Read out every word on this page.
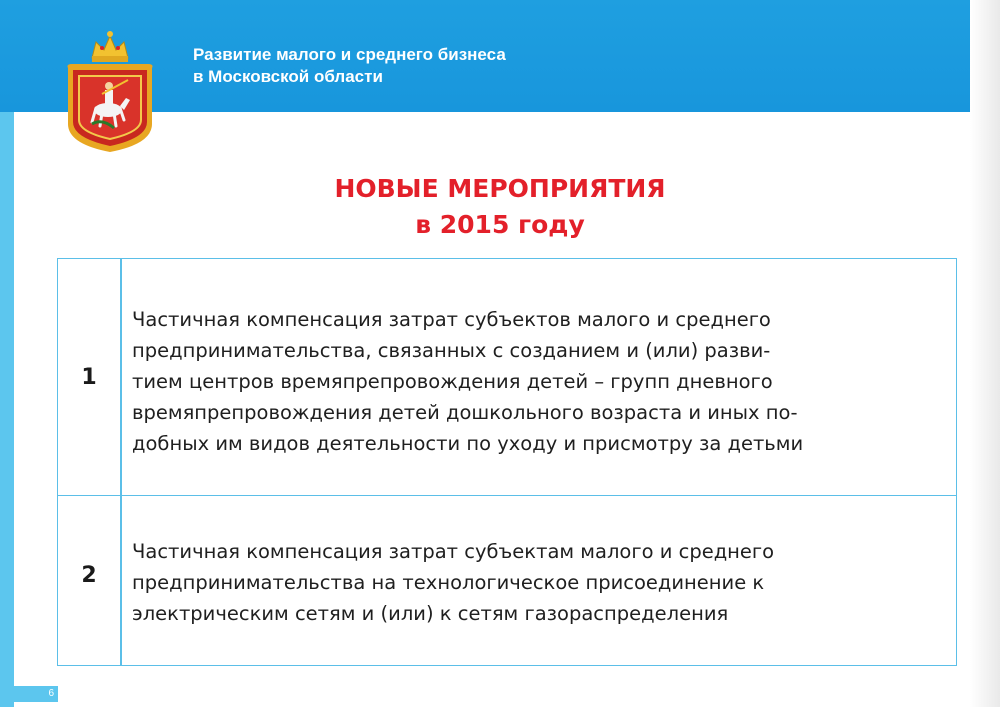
Развитие малого и среднего бизнеса
в Московской области
НОВЫЕ МЕРОПРИЯТИЯ
в 2015 году
1
Частичная компенсация затрат субъектов малого и среднего
предпринимательства, связанных с созданием и (или) разви-
тием центров времяпрепровождения детей – групп дневного
времяпрепровождения детей дошкольного возраста и иных по-
добных им видов деятельности по уходу и присмотру за детьми
2
Частичная компенсация затрат субъектам малого и среднего
предпринимательства на технологическое присоединение к
электрическим сетям и (или) к сетям газораспределения
6
